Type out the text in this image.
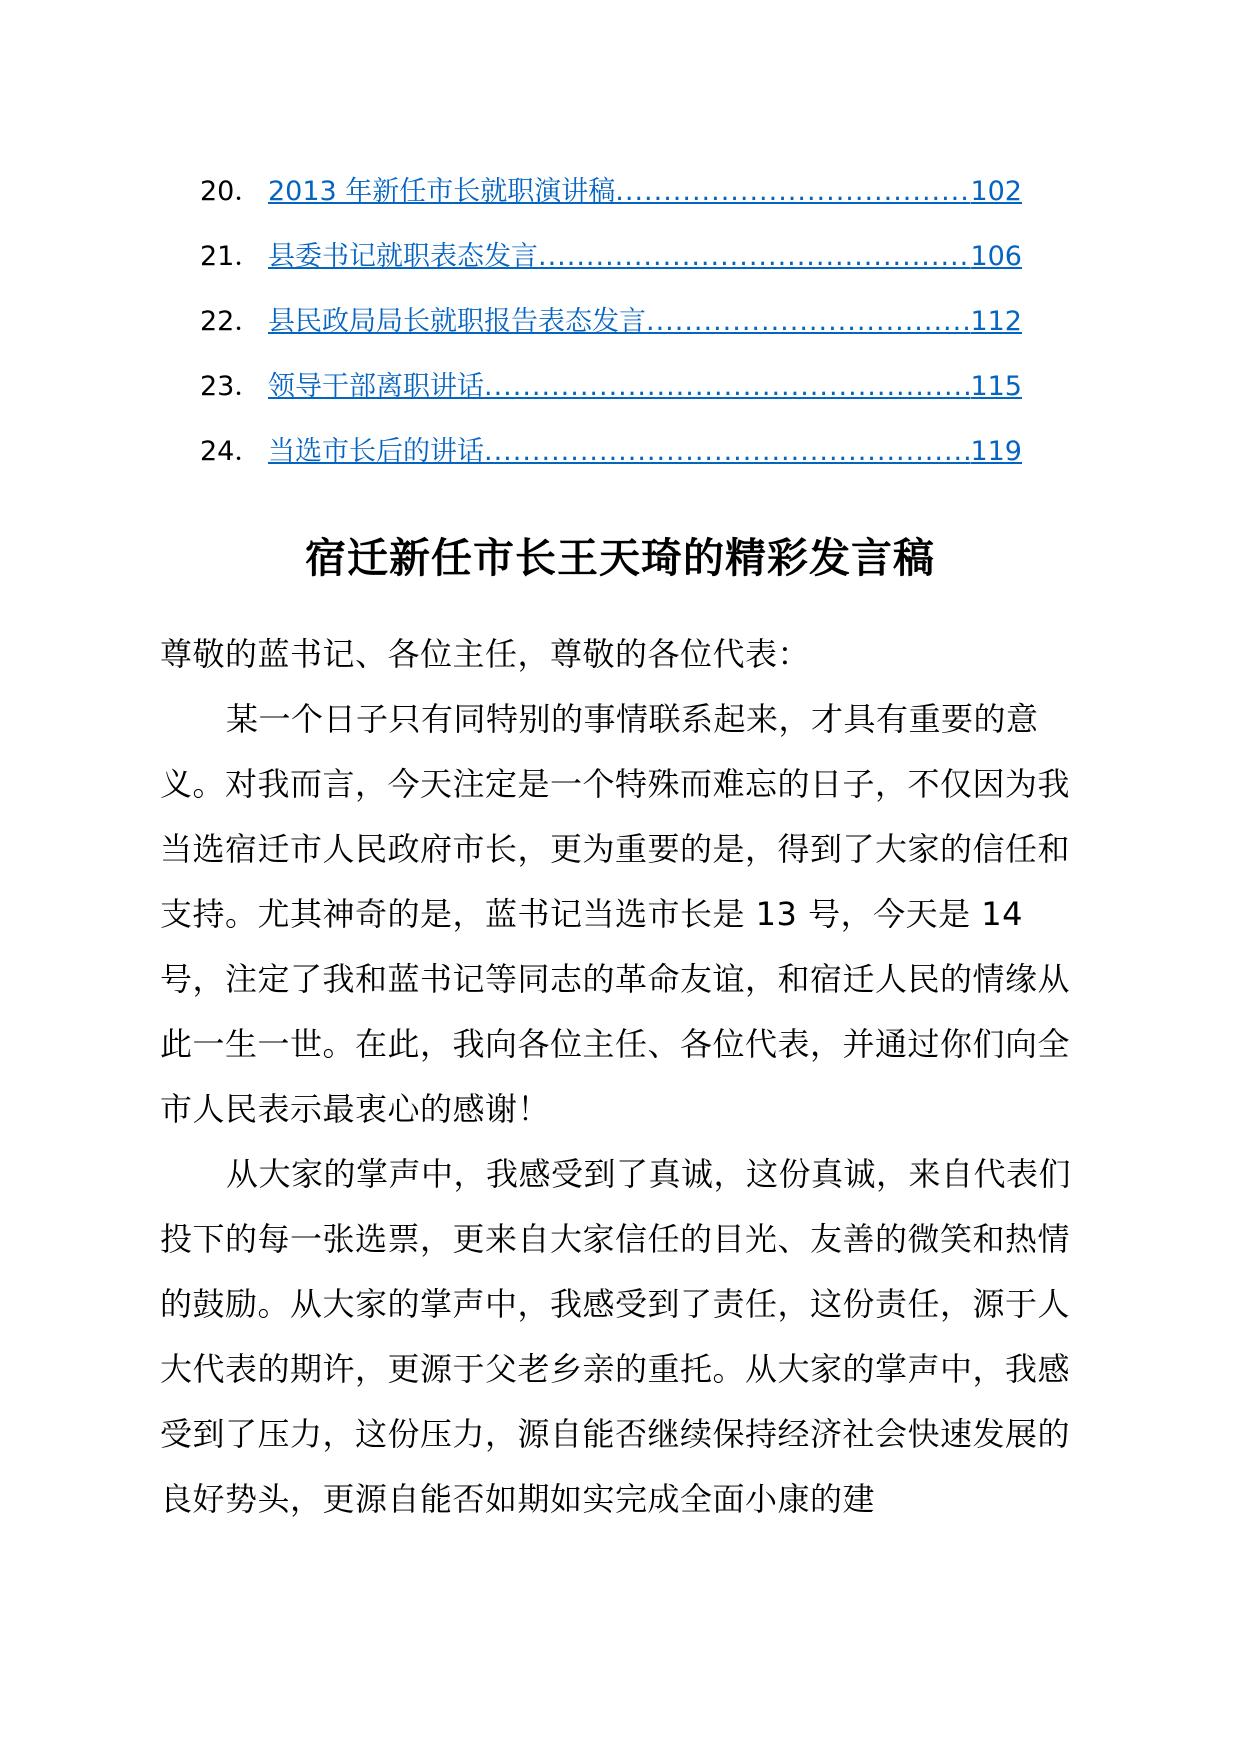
20． 2013 年新任市长就职演讲稿 .....	102
21． 县委书记就职表态发言 .....	106
22． 县民政局局长就职报告表态发言 .....	112
23． 领导干部离职讲话 .....	115
24． 当选市长后的讲话 .....	119
宿迁新任市长王天琦的精彩发言稿

尊敬的蓝书记、各位主任，尊敬的各位代表：

某一个日子只有同特别的事情联系起来，才具有重要的意义。对我而言，今天注定是一个特殊而难忘的日子，不仅因为我当选宿迁市人民政府市长，更为重要的是，得到了大家的信任和支持。尤其神奇的是，蓝书记当选市长是 13 号，今天是 14 号，注定了我和蓝书记等同志的革命友谊，和宿迁人民的情缘从此一生一世。在此，我向各位主任、各位代表，并通过你们向全市人民表示最衷心的感谢！

从大家的掌声中，我感受到了真诚，这份真诚，来自代表们投下的每一张选票，更来自大家信任的目光、友善的微笑和热情的鼓励。从大家的掌声中，我感受到了责任，这份责任，源于人大代表的期许，更源于父老乡亲的重托。从大家的掌声中，我感受到了压力，这份压力，源自能否继续保持经济社会快速发展的良好势头，更源自能否如期如实完成全面小康的建
